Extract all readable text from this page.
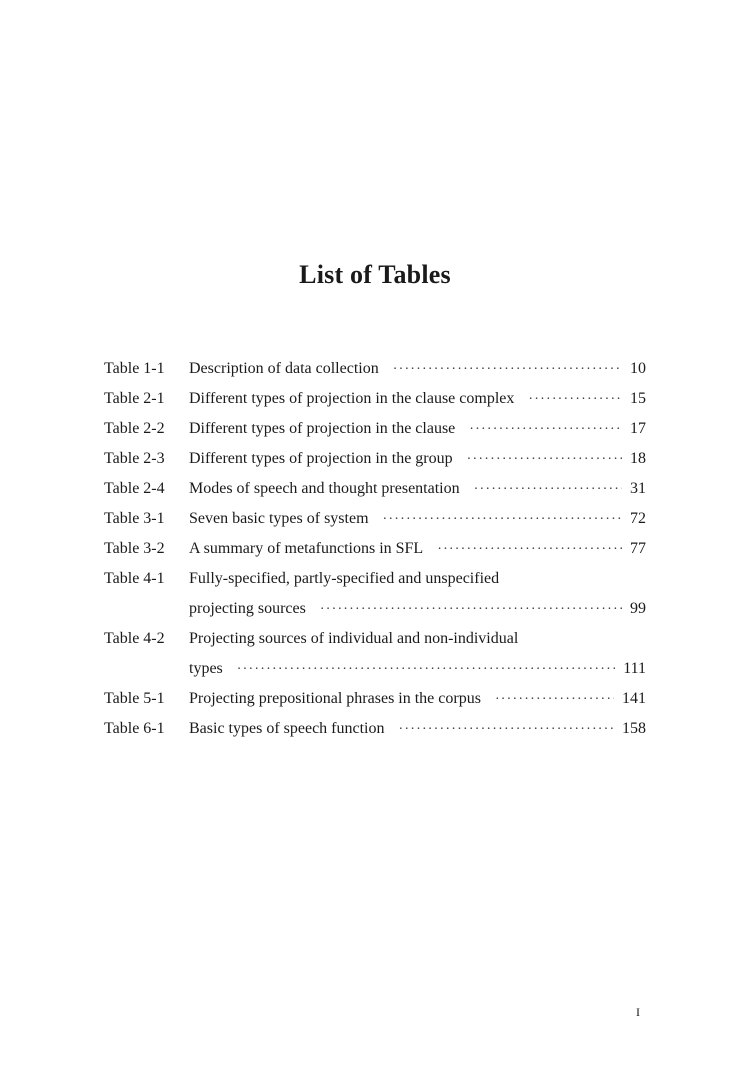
List of Tables
Table 1-1	Description of data collection ·····	10
Table 2-1	Different types of projection in the clause complex ·····	15
Table 2-2	Different types of projection in the clause ·····	17
Table 2-3	Different types of projection in the group ·····	18
Table 2-4	Modes of speech and thought presentation ·····	31
Table 3-1	Seven basic types of system ·····	72
Table 3-2	A summary of metafunctions in SFL ·····	77
Table 4-1	Fully-specified, partly-specified and unspecified
projecting sources ·····	99
Table 4-2	Projecting sources of individual and non-individual
types ·····	111
Table 5-1	Projecting prepositional phrases in the corpus ·····	141
Table 6-1	Basic types of speech function ·····	158
I
